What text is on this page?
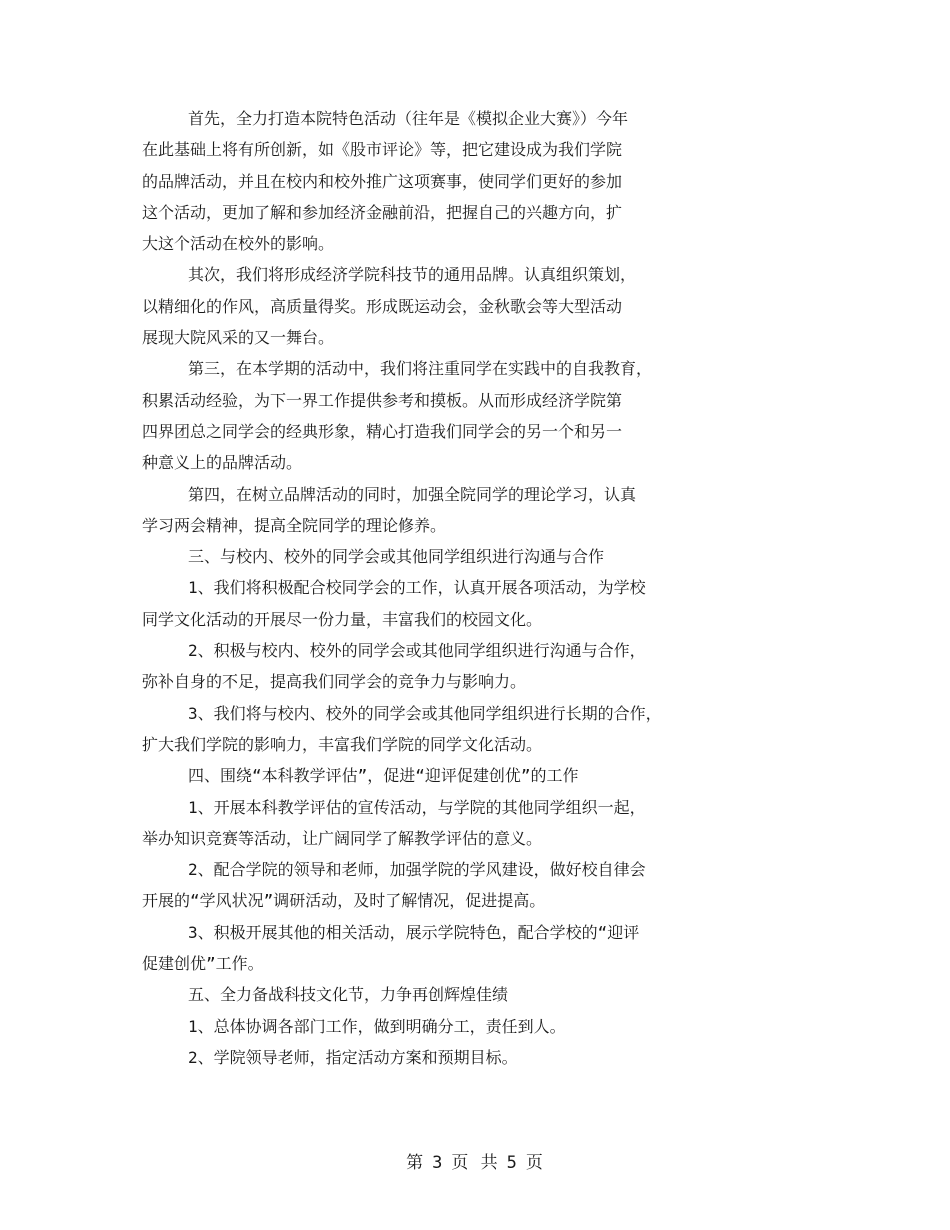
首先，全力打造本院特色活动（往年是《模拟企业大赛》）今年
在此基础上将有所创新，如《股市评论》等，把它建设成为我们学院
的品牌活动，并且在校内和校外推广这项赛事，使同学们更好的参加
这个活动，更加了解和参加经济金融前沿，把握自己的兴趣方向，扩
大这个活动在校外的影响。
其次，我们将形成经济学院科技节的通用品牌。认真组织策划，
以精细化的作风，高质量得奖。形成既运动会，金秋歌会等大型活动
展现大院风采的又一舞台。
第三，在本学期的活动中，我们将注重同学在实践中的自我教育，
积累活动经验，为下一界工作提供参考和摸板。从而形成经济学院第
四界团总之同学会的经典形象，精心打造我们同学会的另一个和另一
种意义上的品牌活动。
第四，在树立品牌活动的同时，加强全院同学的理论学习，认真
学习两会精神，提高全院同学的理论修养。
三、与校内、校外的同学会或其他同学组织进行沟通与合作
1、我们将积极配合校同学会的工作，认真开展各项活动，为学校
同学文化活动的开展尽一份力量，丰富我们的校园文化。
2、积极与校内、校外的同学会或其他同学组织进行沟通与合作，
弥补自身的不足，提高我们同学会的竞争力与影响力。
3、我们将与校内、校外的同学会或其他同学组织进行长期的合作，
扩大我们学院的影响力，丰富我们学院的同学文化活动。
四、围绕“本科教学评估”，促进“迎评促建创优”的工作
1、开展本科教学评估的宣传活动，与学院的其他同学组织一起，
举办知识竞赛等活动，让广阔同学了解教学评估的意义。
2、配合学院的领导和老师，加强学院的学风建设，做好校自律会
开展的“学风状况”调研活动，及时了解情况，促进提高。
3、积极开展其他的相关活动，展示学院特色，配合学校的“迎评
促建创优”工作。
五、全力备战科技文化节，力争再创辉煌佳绩
1、总体协调各部门工作，做到明确分工，责任到人。
2、学院领导老师，指定活动方案和预期目标。
第 3 页 共 5 页
